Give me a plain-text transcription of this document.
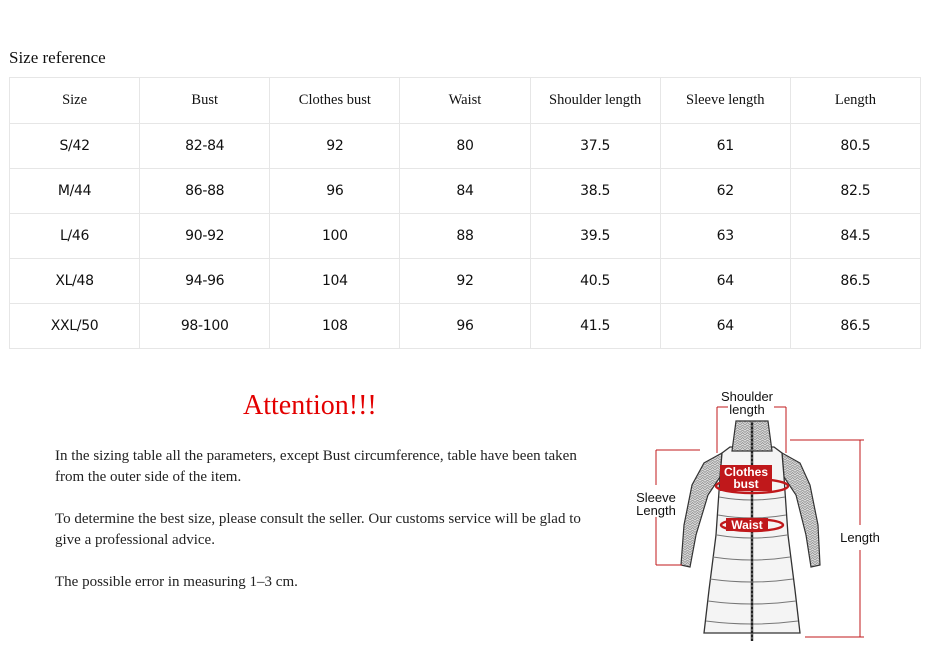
Size reference
Size	Bust	Clothes bust	Waist	Shoulder length	Sleeve length	Length
S/42	82-84	92	80	37.5	61	80.5
M/44	86-88	96	84	38.5	62	82.5
L/46	90-92	100	88	39.5	63	84.5
XL/48	94-96	104	92	40.5	64	86.5
XXL/50	98-100	108	96	41.5	64	86.5
Attention!!!

In the sizing table all the parameters, except Bust circumference, table have been taken from the outer side of the item.

To determine the best size, please consult the seller. Our customs service will be glad to give a professional advice.

The possible error in measuring 1–3 cm.

Shoulder
length
Clothes
bust
Waist
Sleeve
Length
Length
